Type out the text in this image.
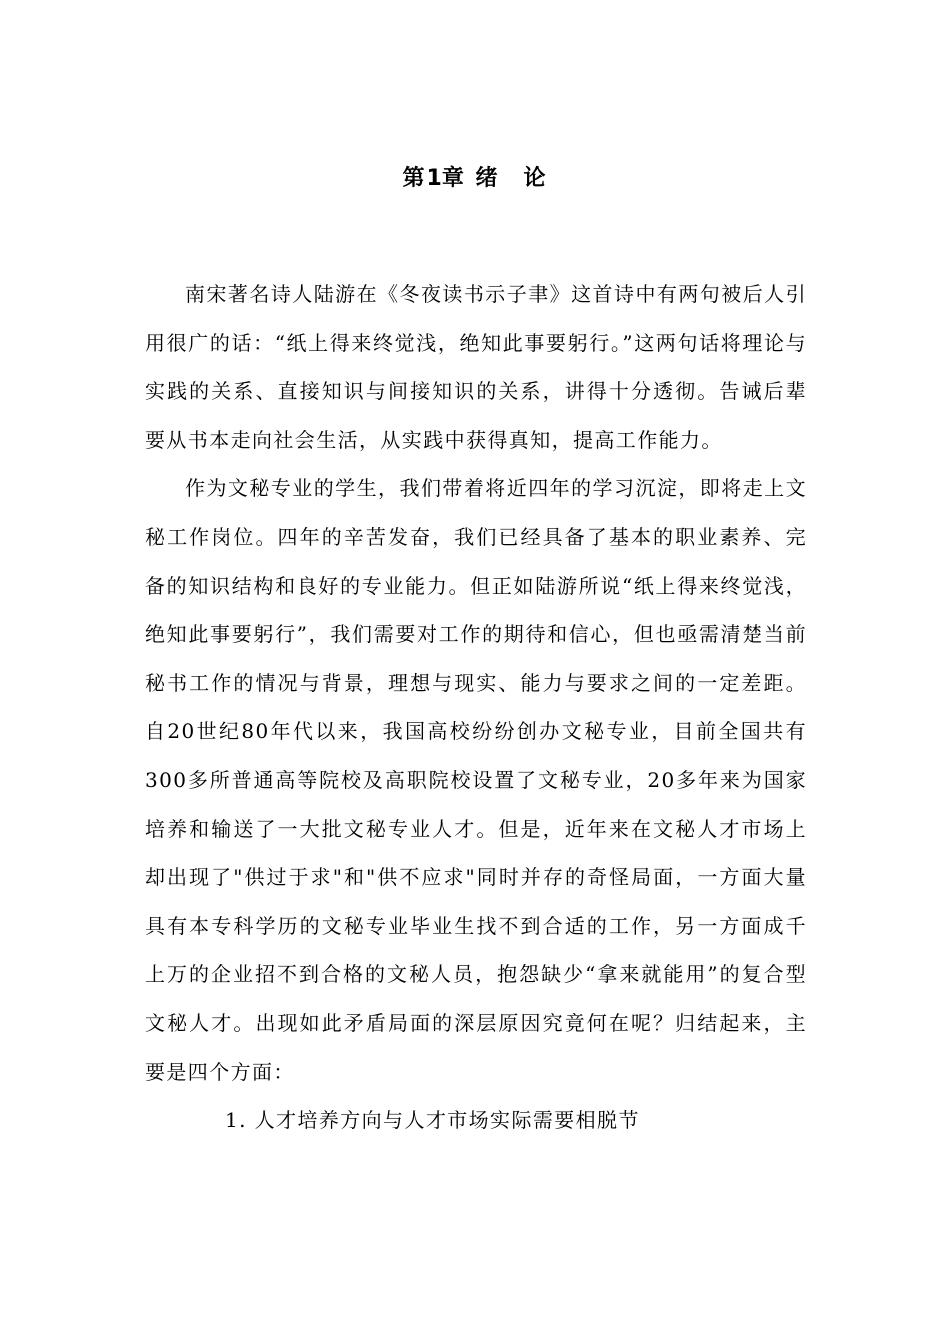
第1章 绪　论

南宋著名诗人陆游在《冬夜读书示子聿》这首诗中有两句被后人引用很广的话：“纸上得来终觉浅，绝知此事要躬行。”这两句话将理论与实践的关系、直接知识与间接知识的关系，讲得十分透彻。告诫后辈要从书本走向社会生活，从实践中获得真知，提高工作能力。

作为文秘专业的学生，我们带着将近四年的学习沉淀，即将走上文秘工作岗位。四年的辛苦发奋，我们已经具备了基本的职业素养、完备的知识结构和良好的专业能力。但正如陆游所说“纸上得来终觉浅，绝知此事要躬行”，我们需要对工作的期待和信心，但也亟需清楚当前秘书工作的情况与背景，理想与现实、能力与要求之间的一定差距。自20世纪80年代以来，我国高校纷纷创办文秘专业，目前全国共有300多所普通高等院校及高职院校设置了文秘专业，20多年来为国家培养和输送了一大批文秘专业人才。但是，近年来在文秘人才市场上却出现了"供过于求"和"供不应求"同时并存的奇怪局面，一方面大量具有本专科学历的文秘专业毕业生找不到合适的工作，另一方面成千上万的企业招不到合格的文秘人员，抱怨缺少“拿来就能用”的复合型文秘人才。出现如此矛盾局面的深层原因究竟何在呢？归结起来，主要是四个方面：

1. 人才培养方向与人才市场实际需要相脱节
